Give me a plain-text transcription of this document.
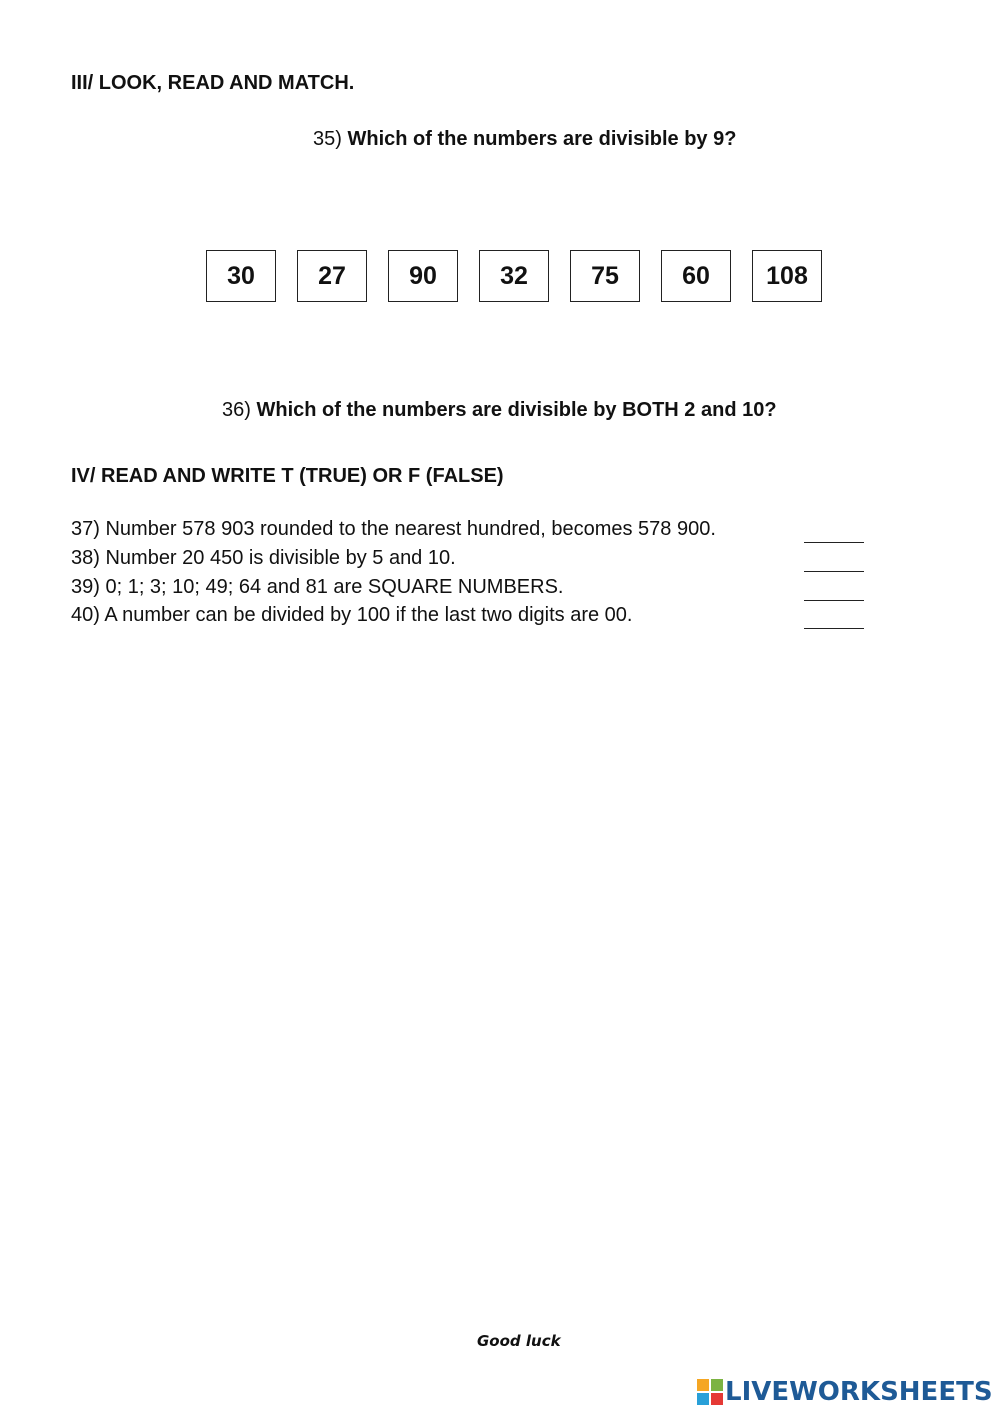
III/ LOOK, READ AND MATCH.
35) Which of the numbers are divisible by 9?
30	27	90	32	75	60	108
36) Which of the numbers are divisible by BOTH 2 and 10?
IV/ READ AND WRITE T (TRUE) OR F (FALSE)
37) Number 578 903 rounded to the nearest hundred, becomes 578 900.
38) Number 20 450 is divisible by 5 and 10.
39) 0; 1; 3; 10; 49; 64 and 81 are SQUARE NUMBERS.
40) A number can be divided by 100 if the last two digits are 00.
Good luck
LIVEWORKSHEETS
